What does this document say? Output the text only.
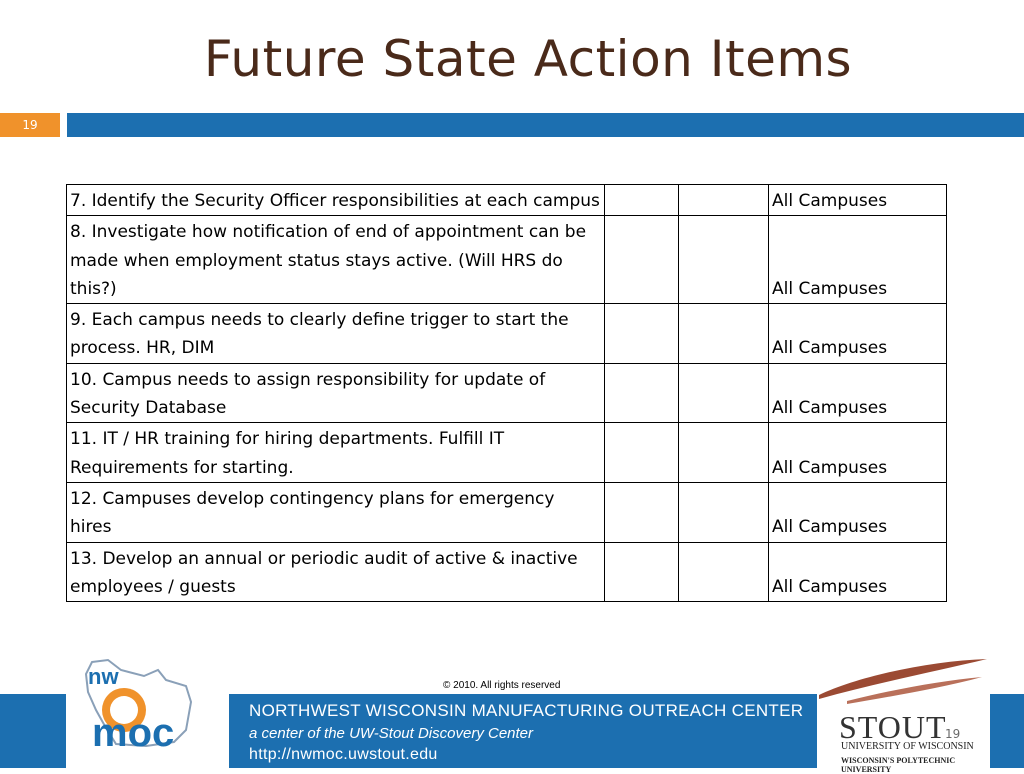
Future State Action Items
19
7. Identify the Security Officer responsibilities at each campus			All Campuses
8. Investigate how notification of end of appointment can be made when employment status stays active. (Will HRS do this?)			All Campuses
9. Each campus needs to clearly define trigger to start the process. HR, DIM			All Campuses
10. Campus needs to assign responsibility for update of Security Database			All Campuses
11. IT / HR training for hiring departments. Fulfill IT Requirements for starting.			All Campuses
12. Campuses develop contingency plans for emergency hires			All Campuses
13. Develop an annual or periodic audit of active & inactive employees / guests			All Campuses
© 2010. All rights reserved
nw
moc
NORTHWEST WISCONSIN MANUFACTURING OUTREACH CENTER
a center of the UW-Stout Discovery Center
http://nwmoc.uwstout.edu
STOUT
UNIVERSITY OF WISCONSIN
WISCONSIN'S POLYTECHNIC UNIVERSITY
19
